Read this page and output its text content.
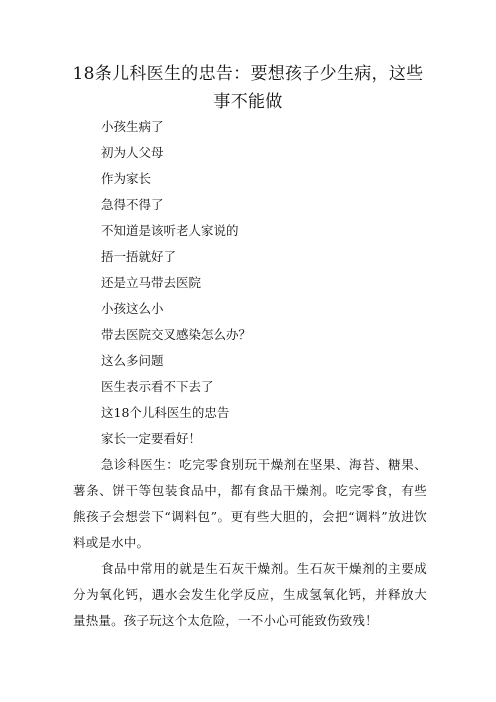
18条儿科医生的忠告：要想孩子少生病，这些事不能做

小孩生病了

初为人父母

作为家长

急得不得了

不知道是该听老人家说的

捂一捂就好了

还是立马带去医院

小孩这么小

带去医院交叉感染怎么办？

这么多问题

医生表示看不下去了

这18个儿科医生的忠告

家长一定要看好！

急诊科医生：吃完零食别玩干燥剂在坚果、海苔、糖果、薯条、饼干等包装食品中，都有食品干燥剂。吃完零食，有些熊孩子会想尝下“调料包”。更有些大胆的，会把“调料”放进饮料或是水中。

食品中常用的就是生石灰干燥剂。生石灰干燥剂的主要成分为氧化钙，遇水会发生化学反应，生成氢氧化钙，并释放大量热量。孩子玩这个太危险，一不小心可能致伤致残！
